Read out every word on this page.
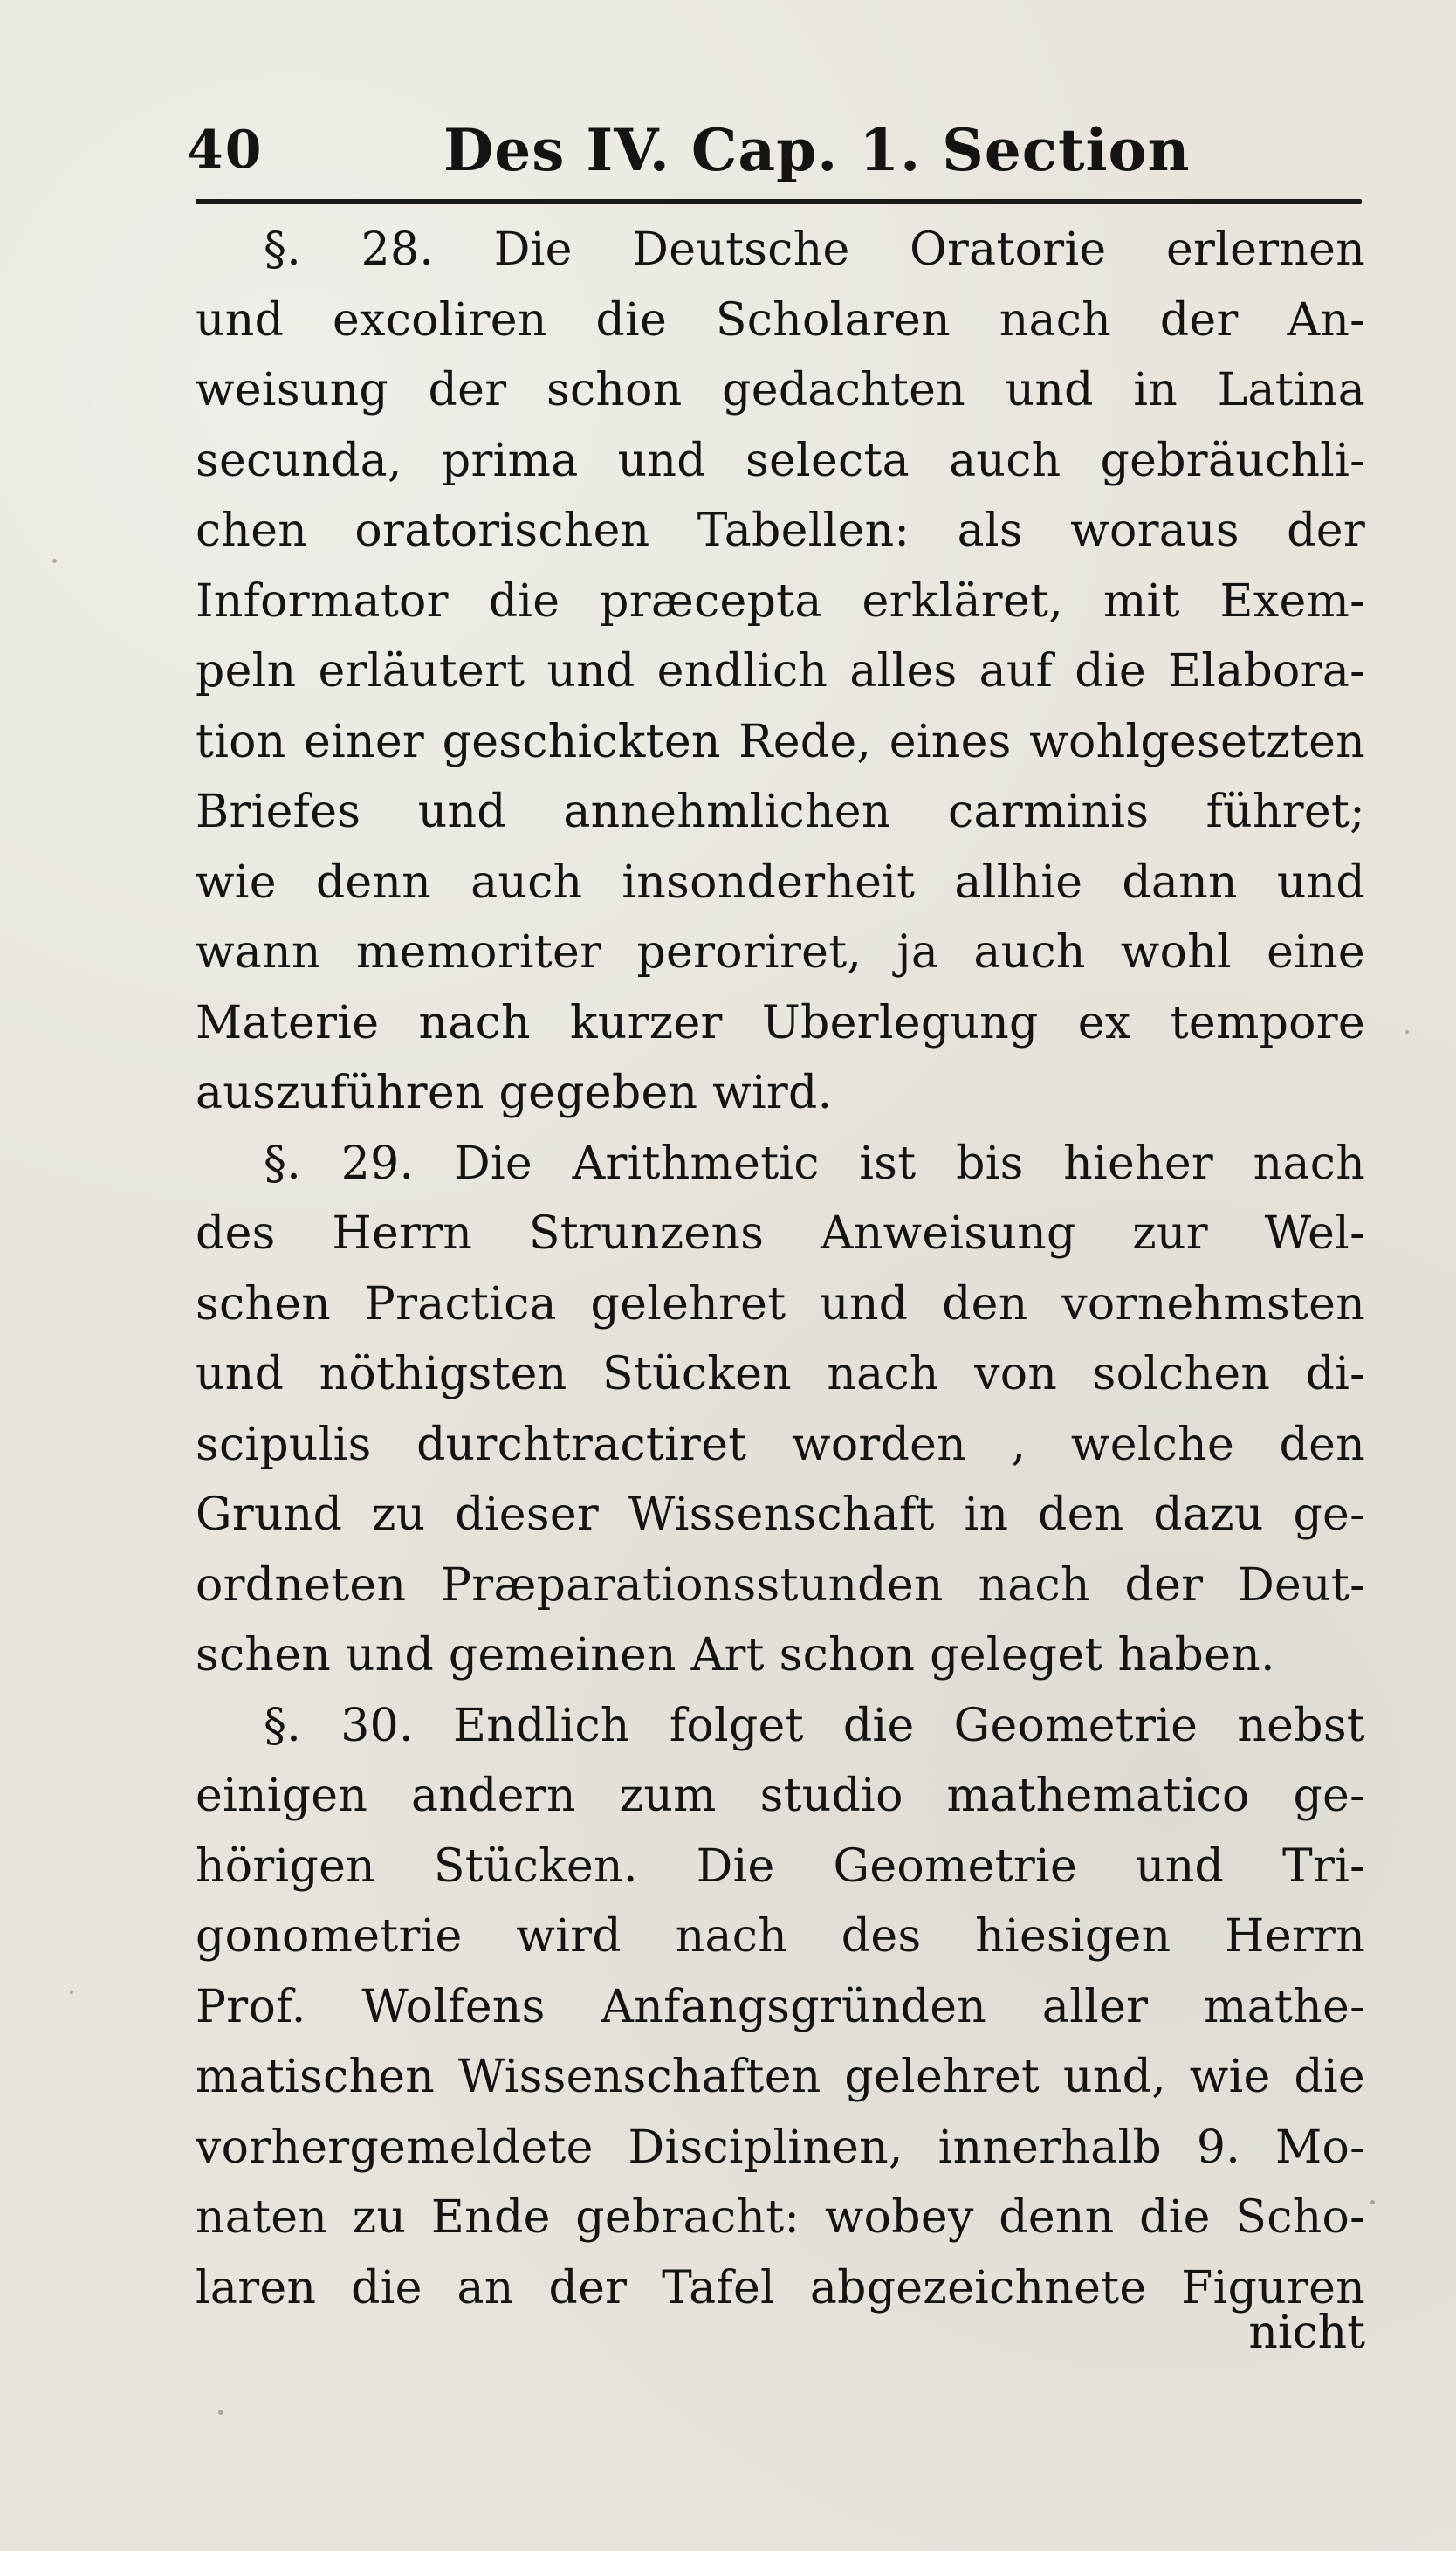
40	Des IV. Cap. 1. Section
§. 28. Die Deutsche Oratorie erlernen
und excoliren die Scholaren nach der An-
weisung der schon gedachten und in Latina
secunda, prima und selecta auch gebräuchli-
chen oratorischen Tabellen: als woraus der
Informator die præcepta erkläret, mit Exem-
peln erläutert und endlich alles auf die Elabora-
tion einer geschickten Rede, eines wohlgesetzten
Briefes und annehmlichen carminis führet;
wie denn auch insonderheit allhie dann und
wann memoriter peroriret, ja auch wohl eine
Materie nach kurzer Uberlegung ex tempore
auszuführen gegeben wird.
§. 29. Die Arithmetic ist bis hieher nach
des Herrn Strunzens Anweisung zur Wel-
schen Practica gelehret und den vornehmsten
und nöthigsten Stücken nach von solchen di-
scipulis durchtractiret worden , welche den
Grund zu dieser Wissenschaft in den dazu ge-
ordneten Præparationsstunden nach der Deut-
schen und gemeinen Art schon geleget haben.
§. 30. Endlich folget die Geometrie nebst
einigen andern zum studio mathematico ge-
hörigen Stücken. Die Geometrie und Tri-
gonometrie wird nach des hiesigen Herrn
Prof. Wolfens Anfangsgründen aller mathe-
matischen Wissenschaften gelehret und, wie die
vorhergemeldete Disciplinen, innerhalb 9. Mo-
naten zu Ende gebracht: wobey denn die Scho-
laren die an der Tafel abgezeichnete Figuren
nicht
